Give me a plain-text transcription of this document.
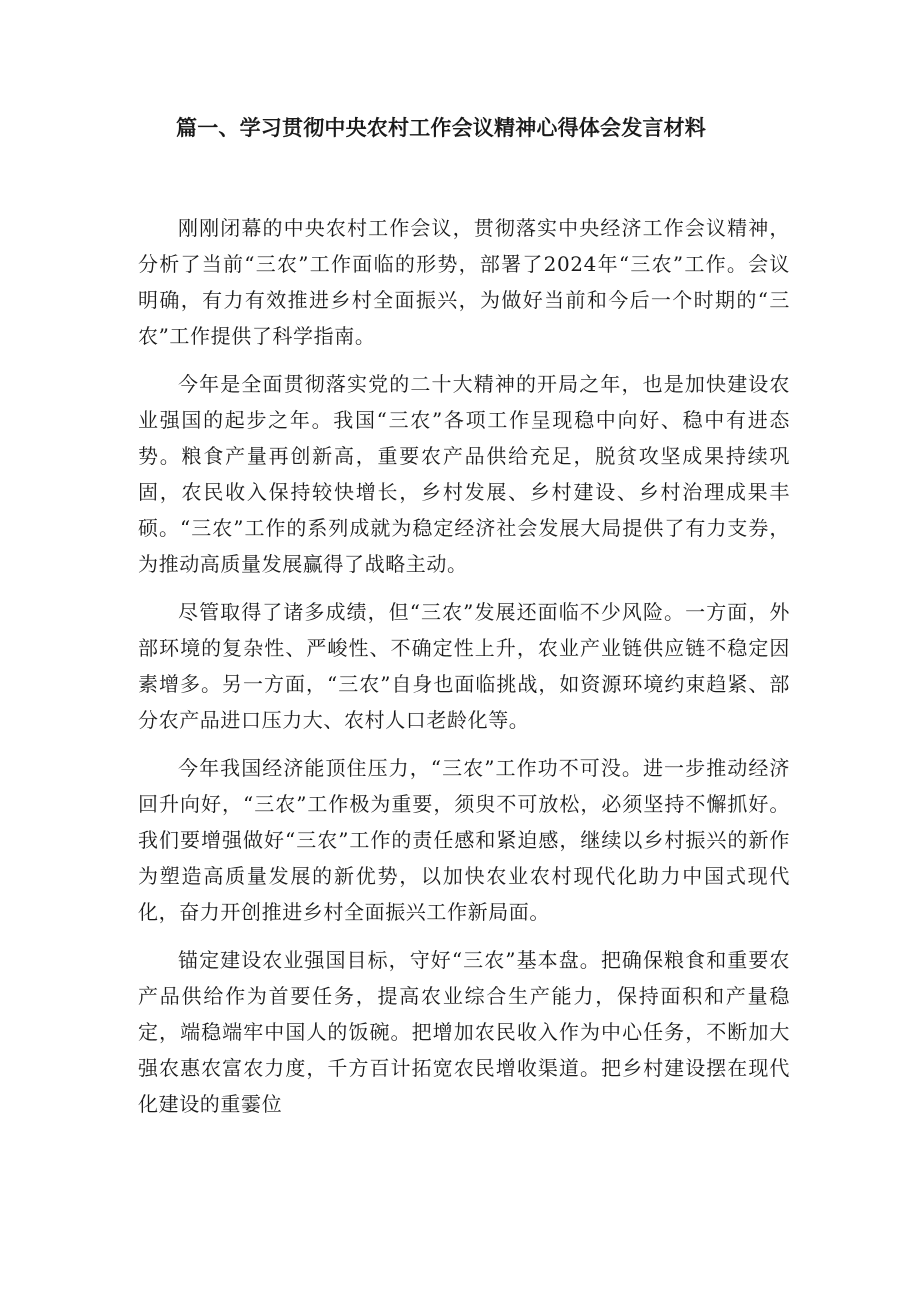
篇一、学习贯彻中央农村工作会议精神心得体会发言材料

刚刚闭幕的中央农村工作会议，贯彻落实中央经济工作会议精神，分析了当前“三农”工作面临的形势，部署了2024年“三农”工作。会议明确，有力有效推进乡村全面振兴，为做好当前和今后一个时期的“三农”工作提供了科学指南。

今年是全面贯彻落实党的二十大精神的开局之年，也是加快建设农业强国的起步之年。我国“三农”各项工作呈现稳中向好、稳中有进态势。粮食产量再创新高，重要农产品供给充足，脱贫攻坚成果持续巩固，农民收入保持较快增长，乡村发展、乡村建设、乡村治理成果丰硕。“三农”工作的系列成就为稳定经济社会发展大局提供了有力支券，为推动高质量发展赢得了战略主动。

尽管取得了诸多成绩，但“三农”发展还面临不少风险。一方面，外部环境的复杂性、严峻性、不确定性上升，农业产业链供应链不稳定因素增多。另一方面，“三农”自身也面临挑战，如资源环境约束趋紧、部分农产品进口压力大、农村人口老龄化等。

今年我国经济能顶住压力，“三农”工作功不可没。进一步推动经济回升向好，“三农”工作极为重要，须臾不可放松，必须坚持不懈抓好。我们要增强做好“三农”工作的责任感和紧迫感，继续以乡村振兴的新作为塑造高质量发展的新优势，以加快农业农村现代化助力中国式现代化，奋力开创推进乡村全面振兴工作新局面。

锚定建设农业强国目标，守好“三农”基本盘。把确保粮食和重要农产品供给作为首要任务，提高农业综合生产能力，保持面积和产量稳定，端稳端牢中国人的饭碗。把增加农民收入作为中心任务，不断加大强农惠农富农力度，千方百计拓宽农民增收渠道。把乡村建设摆在现代化建设的重霎位
